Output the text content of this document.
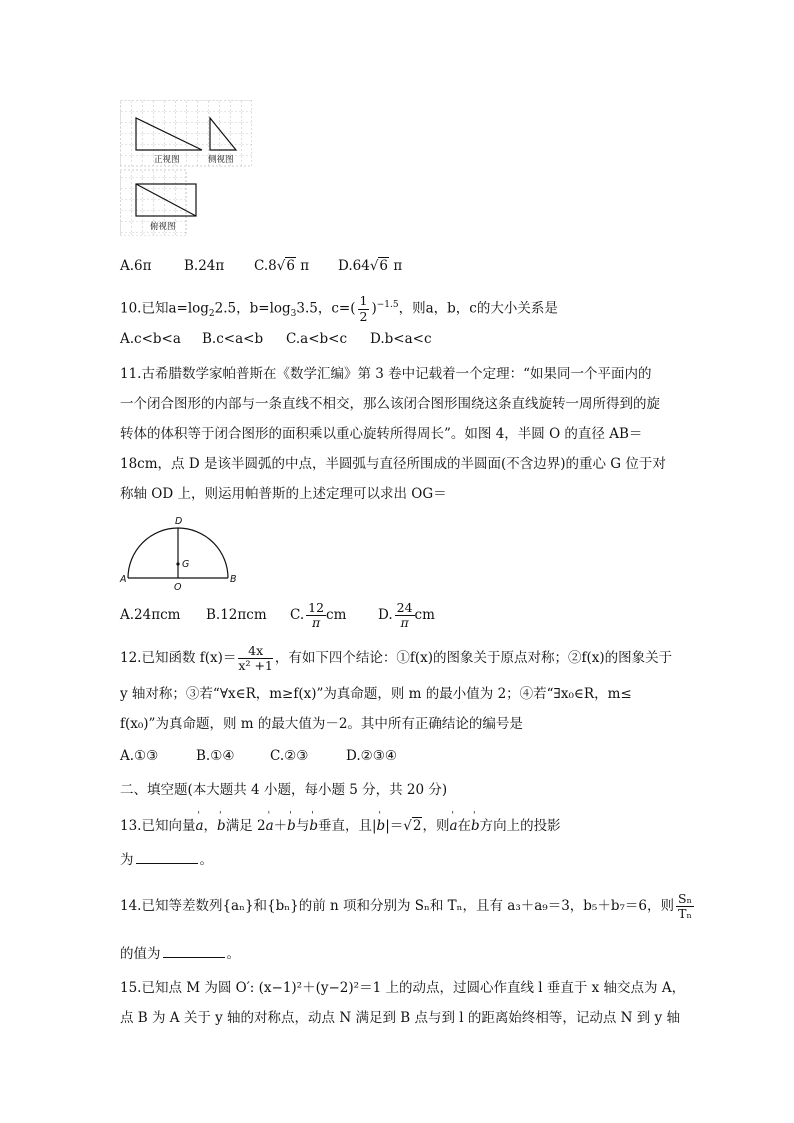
正视图	侧视图
俯视图
A.6π B.24π C.8√6 π D.64√6 π
10.已知$a=\log_22.5$，$b=\log_33.5$，$c=( \frac{1}{2} )^{-1.5}$，则a，b，c的大小关系是
A.c<b<a B.c<a<b C.a<b<c D.b<a<c
11.古希腊数学家帕普斯在《数学汇编》第 3 卷中记载着一个定理：“如果同一个平面内的
一个闭合图形的内部与一条直线不相交，那么该闭合图形围绕这条直线旋转一周所得到的旋
转体的体积等于闭合图形的面积乘以重心旋转所得周长”。如图 4，半圆 O 的直径 AB＝
18cm，点 D 是该半圆弧的中点，半圆弧与直径所围成的半圆面(不含边界)的重心 G 位于对
称轴 OD 上，则运用帕普斯的上述定理可以求出 OG＝
D
G
A
O
B
A.24πcm B.12πcm C. $\frac{12}{\pi}$ cm D. $\frac{24}{\pi}$ cm
12.已知函数 $f(x)= \frac{4x}{\text{x² +1}}$ ，有如下四个结论：①f(x)的图象关于原点对称；②f(x)的图象关于
y 轴对称；③若“∀x∈R，m≥f(x)”为真命题，则 m 的最小值为 2；④若“∃x₀∈R，m≤
f(x₀)”为真命题，则 m 的最大值为－2。其中所有正确结论的编号是
A.①③	B.①④	C.②③	D.②③④
二、填空题(本大题共 4 小题，每小题 5 分，共 20 分)
13.已知向量' a，' b满足 2' a＋' b与' b垂直，且|' b|＝√2，则' a在' b方向上的投影
为	。
14.已知等差数列{aₙ}和{bₙ}的前 n 项和分别为 Sₙ和 Tₙ，且有 a₃＋a₉＝3，b₅＋b₇＝6，则 $\frac{\text{Sₙ}}{\text{Tₙ}}$
的值为	。
15.已知点 M 为圆 O′: (x−1)²＋(y−2)²＝1 上的动点，过圆心作直线 l 垂直于 x 轴交点为 A，
点 B 为 A 关于 y 轴的对称点，动点 N 满足到 B 点与到 l 的距离始终相等，记动点 N 到 y 轴
